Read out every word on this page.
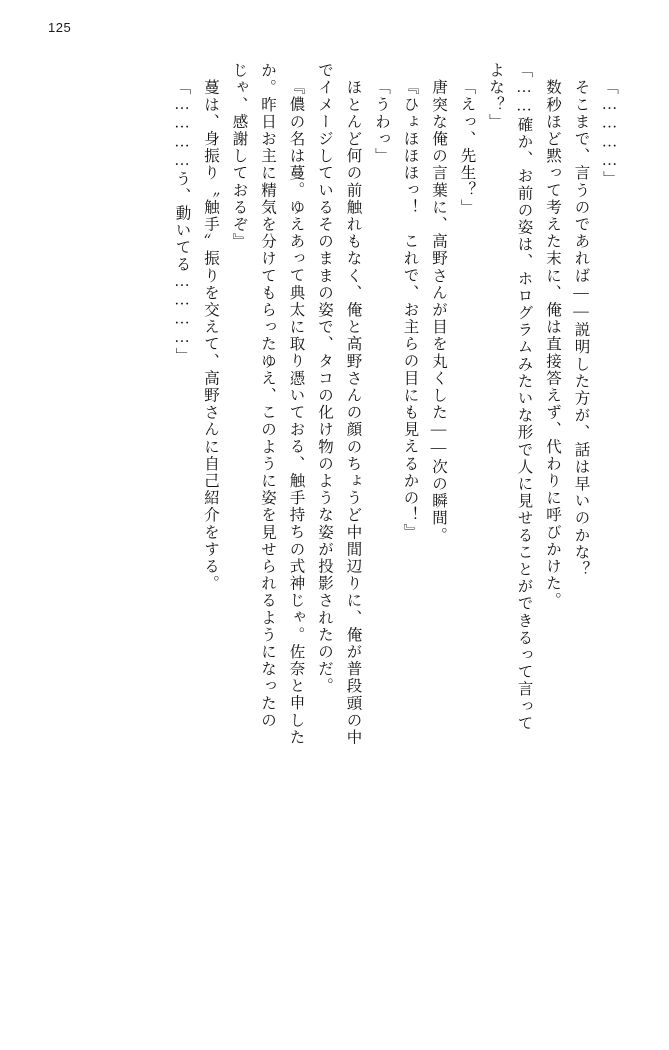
125
「…………」
　そこまで、言うのであれば――説明した方が、話は早いのかな？
　数秒ほど黙って考えた末に、俺は直接答えず、代わりに呼びかけた。
「……確か、お前の姿は、ホログラムみたいな形で人に見せることができるって言って
よな？」
「えっ、先生？」
　唐突な俺の言葉に、高野さんが目を丸くした――次の瞬間。
『ひょほほほっ！　これで、お主らの目にも見えるかの！』
「うわっ」
　ほとんど何の前触れもなく、俺と高野さんの顔のちょうど中間辺りに、俺が普段頭の中
でイメージしているそのままの姿で、タコの化け物のような姿が投影されたのだ。
『儂の名は蔓。ゆえあって典太に取り憑いておる、触手持ちの式神じゃ。佐奈と申した
か。昨日お主に精気を分けてもらったゆえ、このように姿を見せられるようになったの
じゃ、感謝しておるぞ』
　蔓は、身振り〝触手〟振りを交えて、高野さんに自己紹介をする。
「…………う、動いてる…………」
